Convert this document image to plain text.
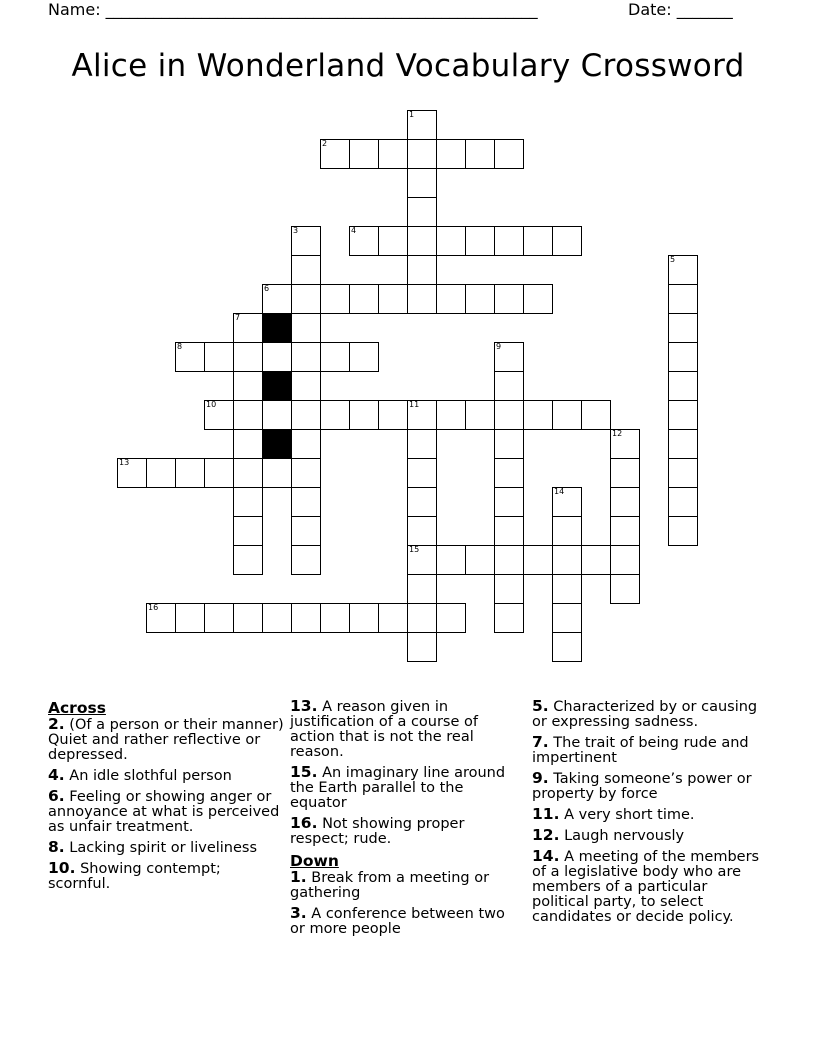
Name: ______________________________________________________	Date: _______
Alice in Wonderland Vocabulary Crossword
1
2
3	4
5
6
7
8	9
10	11
15
12
13
14
16
Across
2. (Of a person or their manner) Quiet and rather reflective or depressed.
4. An idle slothful person
6. Feeling or showing anger or annoyance at what is perceived as unfair treatment.
8. Lacking spirit or liveliness
10. Showing contempt; scornful.
13. A reason given in justification of a course of action that is not the real reason.
15. An imaginary line around the Earth parallel to the equator
16. Not showing proper respect; rude.
Down
1. Break from a meeting or gathering
3. A conference between two or more people
5. Characterized by or causing or expressing sadness.
7. The trait of being rude and impertinent
9. Taking someone’s power or property by force
11. A very short time.
12. Laugh nervously
14. A meeting of the members of a legislative body who are members of a particular political party, to select candidates or decide policy.
